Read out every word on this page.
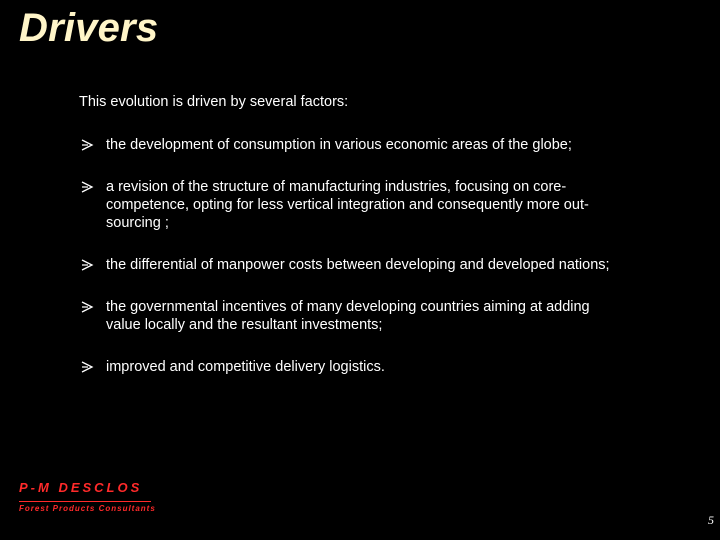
Drivers
This evolution is driven by several factors:
the development of consumption in various economic areas of the globe;
a revision of the structure of manufacturing industries, focusing on core-competence, opting for less vertical integration and consequently more out-sourcing ;
the differential of manpower costs between developing and developed nations;
the governmental incentives of many developing countries aiming at adding value locally and the resultant investments;
improved and competitive delivery logistics.
P-M DESCLOS
Forest Products Consultants
5
